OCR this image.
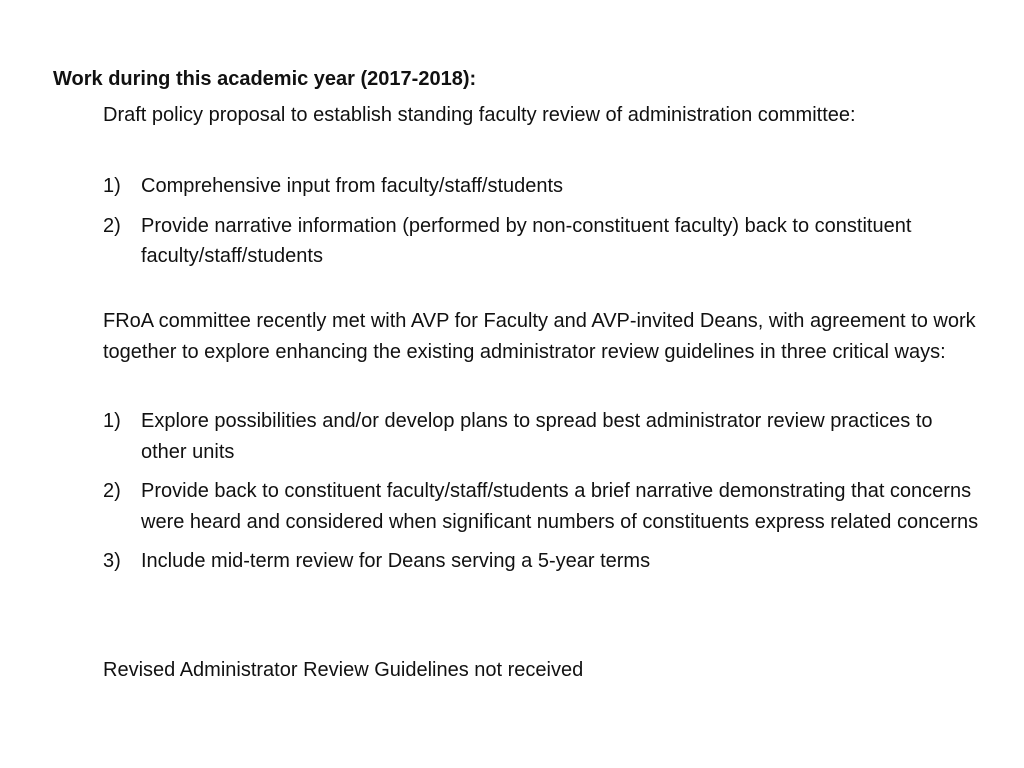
Work during this academic year (2017-2018):

Draft policy proposal to establish standing faculty review of administration committee:

1)	Comprehensive input from faculty/staff/students
2)	Provide narrative information (performed by non-constituent faculty) back to constituent faculty/staff/students

FRoA committee recently met with AVP for Faculty and AVP-invited Deans, with agreement to work together to explore enhancing the existing administrator review guidelines in three critical ways:

1)	Explore possibilities and/or develop plans to spread best administrator review practices to other units
2)	Provide back to constituent faculty/staff/students a brief narrative demonstrating that concerns were heard and considered when significant numbers of constituents express related concerns
3)	Include mid-term review for Deans serving a 5-year terms

Revised Administrator Review Guidelines not received
